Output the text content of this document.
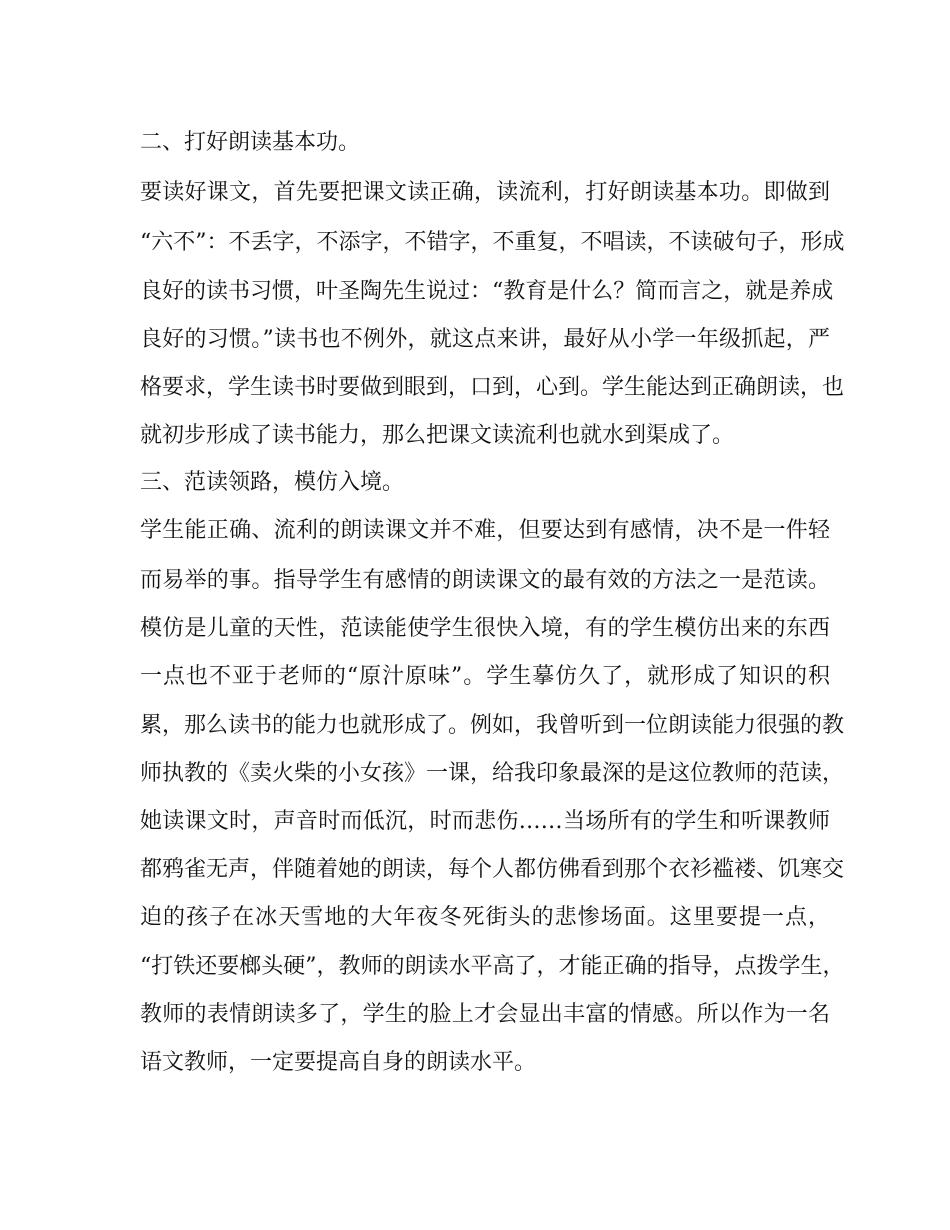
二、打好朗读基本功。
要读好课文，首先要把课文读正确，读流利，打好朗读基本功。即做到
“六不”：不丢字，不添字，不错字，不重复，不唱读，不读破句子，形成
良好的读书习惯，叶圣陶先生说过：“教育是什么？简而言之，就是养成
良好的习惯。”读书也不例外，就这点来讲，最好从小学一年级抓起，严
格要求，学生读书时要做到眼到，口到，心到。学生能达到正确朗读，也
就初步形成了读书能力，那么把课文读流利也就水到渠成了。
三、范读领路，模仿入境。
学生能正确、流利的朗读课文并不难，但要达到有感情，决不是一件轻
而易举的事。指导学生有感情的朗读课文的最有效的方法之一是范读。
模仿是儿童的天性，范读能使学生很快入境，有的学生模仿出来的东西
一点也不亚于老师的“原汁原味”。学生摹仿久了，就形成了知识的积
累，那么读书的能力也就形成了。例如，我曾听到一位朗读能力很强的教
师执教的《卖火柴的小女孩》一课，给我印象最深的是这位教师的范读，
她读课文时，声音时而低沉，时而悲伤……当场所有的学生和听课教师
都鸦雀无声，伴随着她的朗读，每个人都仿佛看到那个衣衫褴褛、饥寒交
迫的孩子在冰天雪地的大年夜冬死街头的悲惨场面。这里要提一点，
“打铁还要榔头硬”，教师的朗读水平高了，才能正确的指导，点拨学生，
教师的表情朗读多了，学生的脸上才会显出丰富的情感。所以作为一名
语文教师，一定要提高自身的朗读水平。
